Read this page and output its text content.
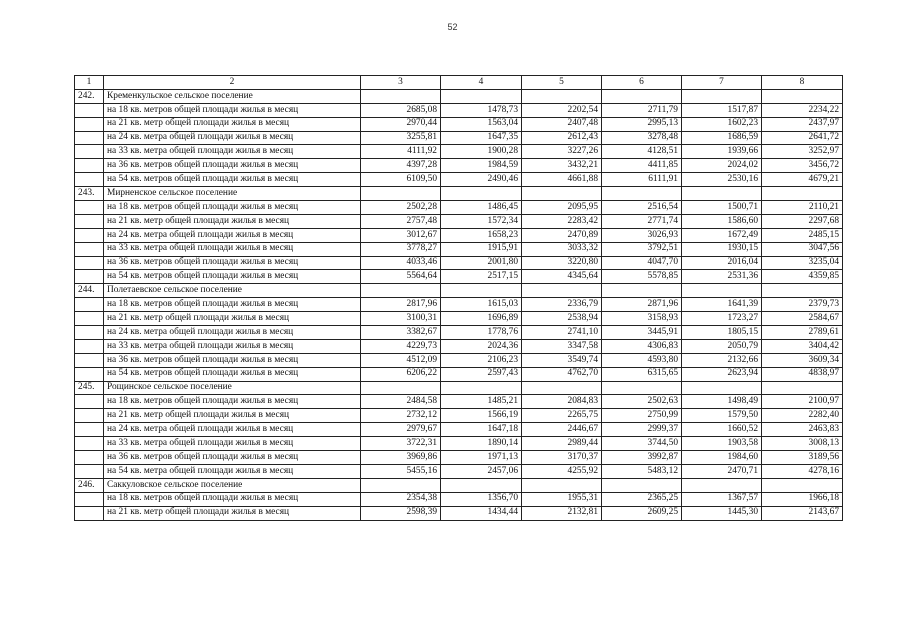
52
1	2	3	4	5	6	7	8
242.	Кременкульское сельское поселение						
	на 18 кв. метров общей площади жилья в месяц	2685,08	1478,73	2202,54	2711,79	1517,87	2234,22
	на 21 кв. метр общей площади жилья в месяц	2970,44	1563,04	2407,48	2995,13	1602,23	2437,97
	на 24 кв. метра общей площади жилья в месяц	3255,81	1647,35	2612,43	3278,48	1686,59	2641,72
	на 33 кв. метра общей площади жилья в месяц	4111,92	1900,28	3227,26	4128,51	1939,66	3252,97
	на 36 кв. метров общей площади жилья в месяц	4397,28	1984,59	3432,21	4411,85	2024,02	3456,72
	на 54 кв. метров общей площади жилья в месяц	6109,50	2490,46	4661,88	6111,91	2530,16	4679,21
243.	Мирненское сельское поселение						
	на 18 кв. метров общей площади жилья в месяц	2502,28	1486,45	2095,95	2516,54	1500,71	2110,21
	на 21 кв. метр общей площади жилья в месяц	2757,48	1572,34	2283,42	2771,74	1586,60	2297,68
	на 24 кв. метра общей площади жилья в месяц	3012,67	1658,23	2470,89	3026,93	1672,49	2485,15
	на 33 кв. метра общей площади жилья в месяц	3778,27	1915,91	3033,32	3792,51	1930,15	3047,56
	на 36 кв. метров общей площади жилья в месяц	4033,46	2001,80	3220,80	4047,70	2016,04	3235,04
	на 54 кв. метров общей площади жилья в месяц	5564,64	2517,15	4345,64	5578,85	2531,36	4359,85
244.	Полетаевское сельское поселение						
	на 18 кв. метров общей площади жилья в месяц	2817,96	1615,03	2336,79	2871,96	1641,39	2379,73
	на 21 кв. метр общей площади жилья в месяц	3100,31	1696,89	2538,94	3158,93	1723,27	2584,67
	на 24 кв. метра общей площади жилья в месяц	3382,67	1778,76	2741,10	3445,91	1805,15	2789,61
	на 33 кв. метра общей площади жилья в месяц	4229,73	2024,36	3347,58	4306,83	2050,79	3404,42
	на 36 кв. метров общей площади жилья в месяц	4512,09	2106,23	3549,74	4593,80	2132,66	3609,34
	на 54 кв. метров общей площади жилья в месяц	6206,22	2597,43	4762,70	6315,65	2623,94	4838,97
245.	Рощинское сельское поселение						
	на 18 кв. метров общей площади жилья в месяц	2484,58	1485,21	2084,83	2502,63	1498,49	2100,97
	на 21 кв. метр общей площади жилья в месяц	2732,12	1566,19	2265,75	2750,99	1579,50	2282,40
	на 24 кв. метра общей площади жилья в месяц	2979,67	1647,18	2446,67	2999,37	1660,52	2463,83
	на 33 кв. метра общей площади жилья в месяц	3722,31	1890,14	2989,44	3744,50	1903,58	3008,13
	на 36 кв. метров общей площади жилья в месяц	3969,86	1971,13	3170,37	3992,87	1984,60	3189,56
	на 54 кв. метра общей площади жилья в месяц	5455,16	2457,06	4255,92	5483,12	2470,71	4278,16
246.	Саккуловское сельское поселение						
	на 18 кв. метров общей площади жилья в месяц	2354,38	1356,70	1955,31	2365,25	1367,57	1966,18
	на 21 кв. метр общей площади жилья в месяц	2598,39	1434,44	2132,81	2609,25	1445,30	2143,67
